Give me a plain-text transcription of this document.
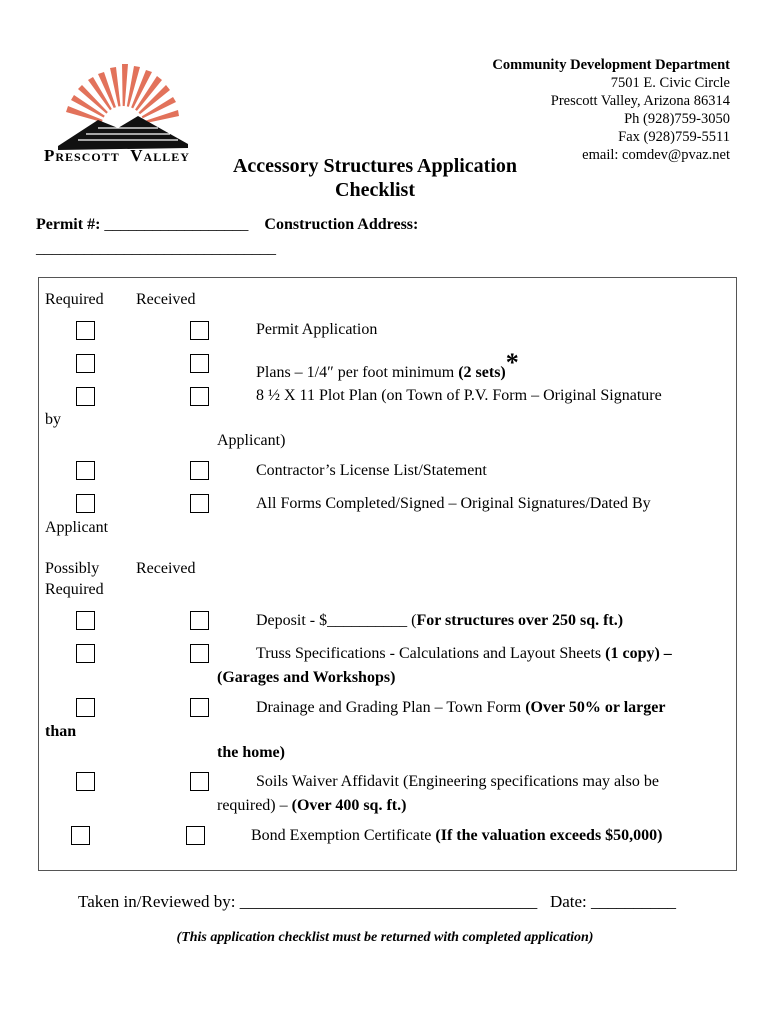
Prescott Valley
Community Development Department
7501 E. Civic Circle
Prescott Valley, Arizona 86314
Ph (928)759-3050
Fax (928)759-5511
email: comdev@pvaz.net
Accessory Structures Application
Checklist
Permit #: __________________ Construction Address:
______________________________
Required Received
Permit Application
Plans – 1/4″ per foot minimum (2 sets)*
8 ½ X 11 Plot Plan (on Town of P.V. Form – Original Signature
by
Applicant)
Contractor’s License List/Statement
All Forms Completed/Signed – Original Signatures/Dated By
Applicant
Possibly
Required
Received
Deposit - $__________ (For structures over 250 sq. ft.)
Truss Specifications - Calculations and Layout Sheets (1 copy) –
(Garages and Workshops)
Drainage and Grading Plan – Town Form (Over 50% or larger
than
the home)
Soils Waiver Affidavit (Engineering specifications may also be
required) – (Over 400 sq. ft.)
Bond Exemption Certificate (If the valuation exceeds $50,000)
Taken in/Reviewed by: ___________________________________ Date: __________
(This application checklist must be returned with completed application)
